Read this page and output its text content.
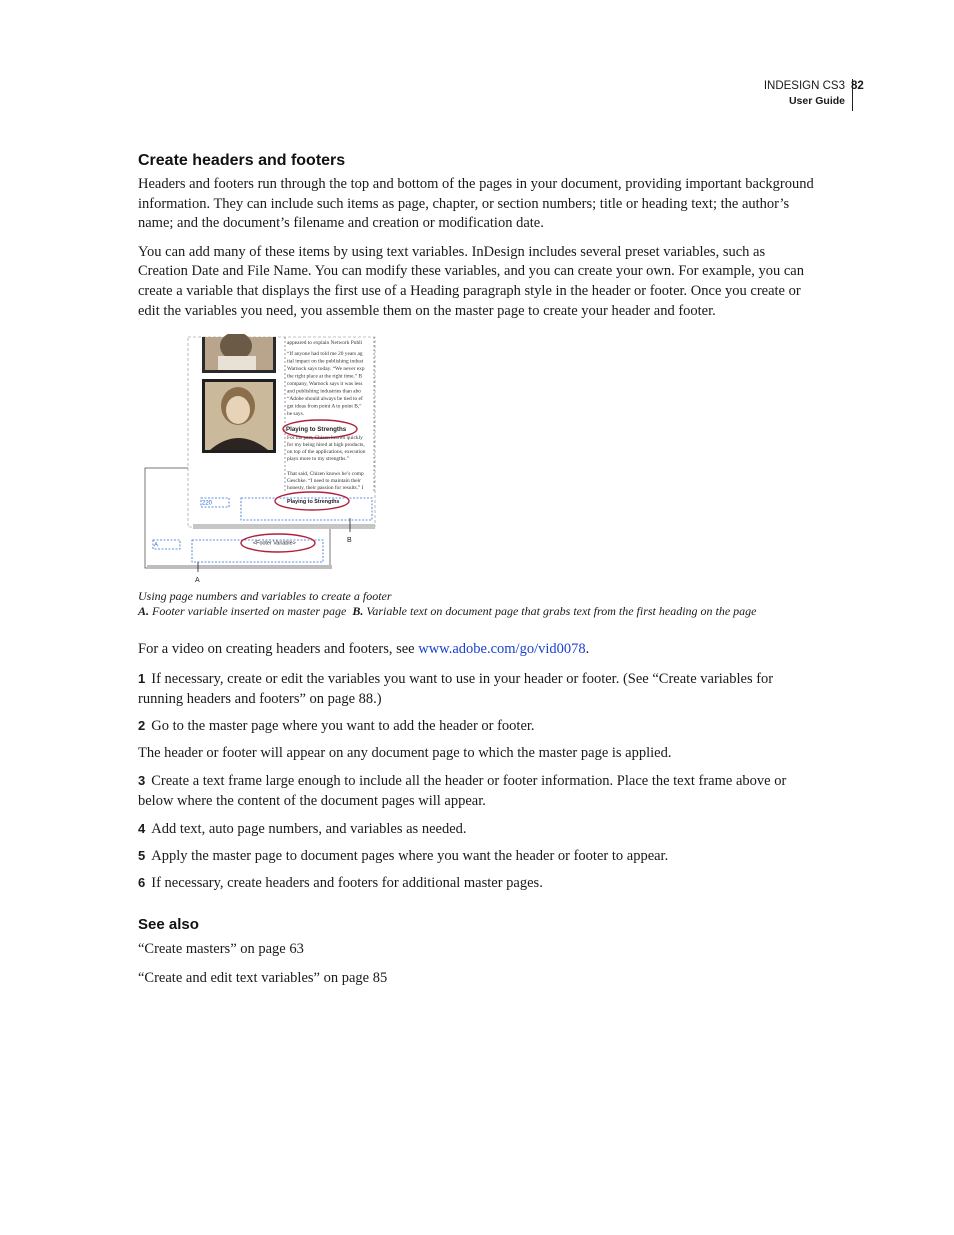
INDESIGN CS3
User Guide
82
Create headers and footers

Headers and footers run through the top and bottom of the pages in your document, providing important background information. They can include such items as page, chapter, or section numbers; title or heading text; the author’s name; and the document’s filename and creation or modification date.

You can add many of these items by using text variables. InDesign includes several preset variables, such as Creation Date and File Name. You can modify these variables, and you can create your own. For example, you can create a variable that displays the first use of a Heading paragraph style in the header or footer. Once you create or edit the variables you need, you assemble them on the master page to create your header and footer.

appeared to explain Network Publi
“If anyone had told me 20 years ag
tial impact on the publishing indust
Warnock says today. “We never exp
the right place at the right time.” B
company, Warnock says it was less
and publishing industries than abo
“Adobe should always be tied to ef
get ideas from point A to point B,”
he says.
Playing to Strengths
For his part, Chizen knows quickly
for my being hired at high products,
on top of the applications, execution
plays more to my strengths.”
That said, Chizen knows he’s comp
Geschke. “I need to maintain their
honesty, their passion for results.” I
220	Playing to Strengths
B
A	<Footer Variable>
A
Using page numbers and variables to create a footer
A. Footer variable inserted on master page B. Variable text on document page that grabs text from the first heading on the page

For a video on creating headers and footers, see www.adobe.com/go/vid0078.

1 If necessary, create or edit the variables you want to use in your header or footer. (See “Create variables for running headers and footers” on page 88.)

2 Go to the master page where you want to add the header or footer.

The header or footer will appear on any document page to which the master page is applied.

3 Create a text frame large enough to include all the header or footer information. Place the text frame above or below where the content of the document pages will appear.

4 Add text, auto page numbers, and variables as needed.

5 Apply the master page to document pages where you want the header or footer to appear.

6 If necessary, create headers and footers for additional master pages.

See also

“Create masters” on page 63

“Create and edit text variables” on page 85
